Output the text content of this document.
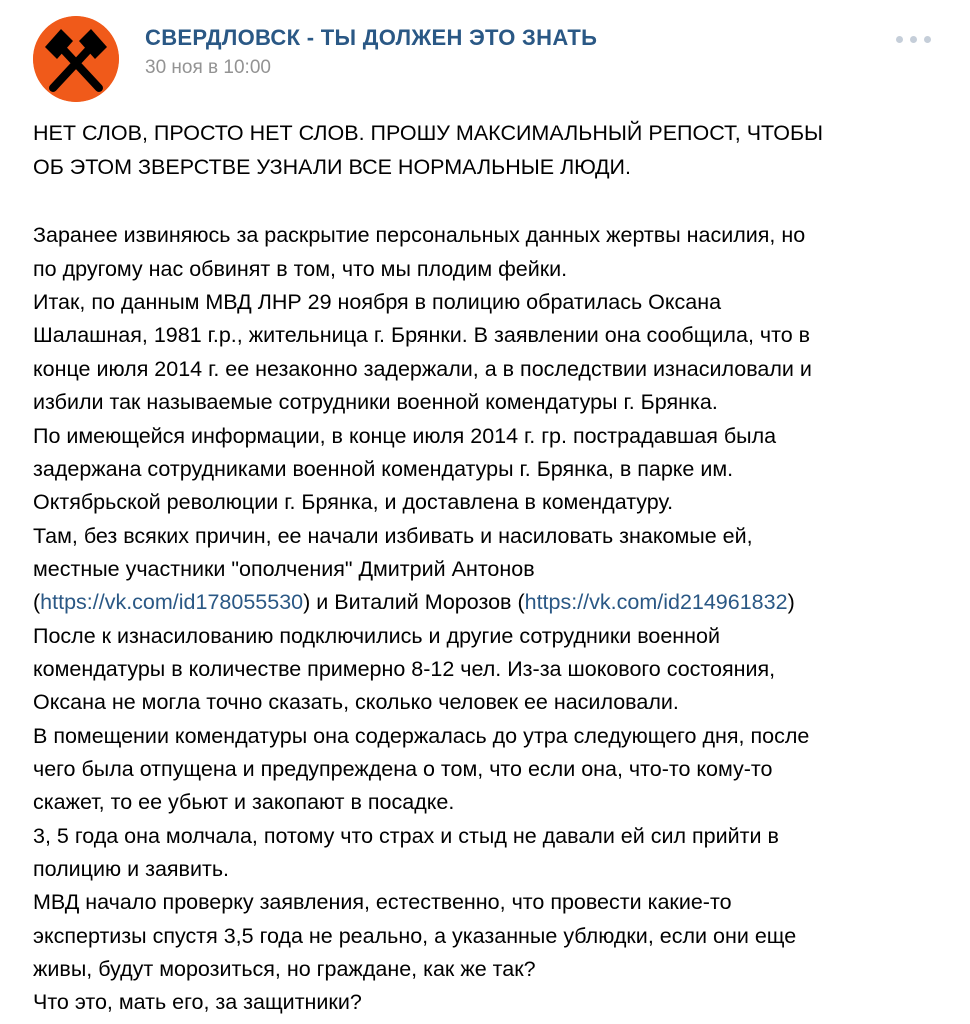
СВЕРДЛОВСК - ТЫ ДОЛЖЕН ЭТО ЗНАТЬ
30 ноя в 10:00
НЕТ СЛОВ, ПРОСТО НЕТ СЛОВ. ПРОШУ МАКСИМАЛЬНЫЙ РЕПОСТ, ЧТОБЫ
ОБ ЭТОМ ЗВЕРСТВЕ УЗНАЛИ ВСЕ НОРМАЛЬНЫЕ ЛЮДИ.
Заранее извиняюсь за раскрытие персональных данных жертвы насилия, но
по другому нас обвинят в том, что мы плодим фейки.
Итак, по данным МВД ЛНР 29 ноября в полицию обратилась Оксана
Шалашная, 1981 г.р., жительница г. Брянки. В заявлении она сообщила, что в
конце июля 2014 г. ее незаконно задержали, а в последствии изнасиловали и
избили так называемые сотрудники военной комендатуры г. Брянка.
По имеющейся информации, в конце июля 2014 г. гр. пострадавшая была
задержана сотрудниками военной комендатуры г. Брянка, в парке им.
Октябрьской революции г. Брянка, и доставлена в комендатуру.
Там, без всяких причин, ее начали избивать и насиловать знакомые ей,
местные участники "ополчения" Дмитрий Антонов
(https://vk.com/id178055530) и Виталий Морозов (https://vk.com/id214961832)
После к изнасилованию подключились и другие сотрудники военной
комендатуры в количестве примерно 8-12 чел. Из-за шокового состояния,
Оксана не могла точно сказать, сколько человек ее насиловали.
В помещении комендатуры она содержалась до утра следующего дня, после
чего была отпущена и предупреждена о том, что если она, что-то кому-то
скажет, то ее убьют и закопают в посадке.
3, 5 года она молчала, потому что страх и стыд не давали ей сил прийти в
полицию и заявить.
МВД начало проверку заявления, естественно, что провести какие-то
экспертизы спустя 3,5 года не реально, а указанные ублюдки, если они еще
живы, будут морозиться, но граждане, как же так?
Что это, мать его, за защитники?
